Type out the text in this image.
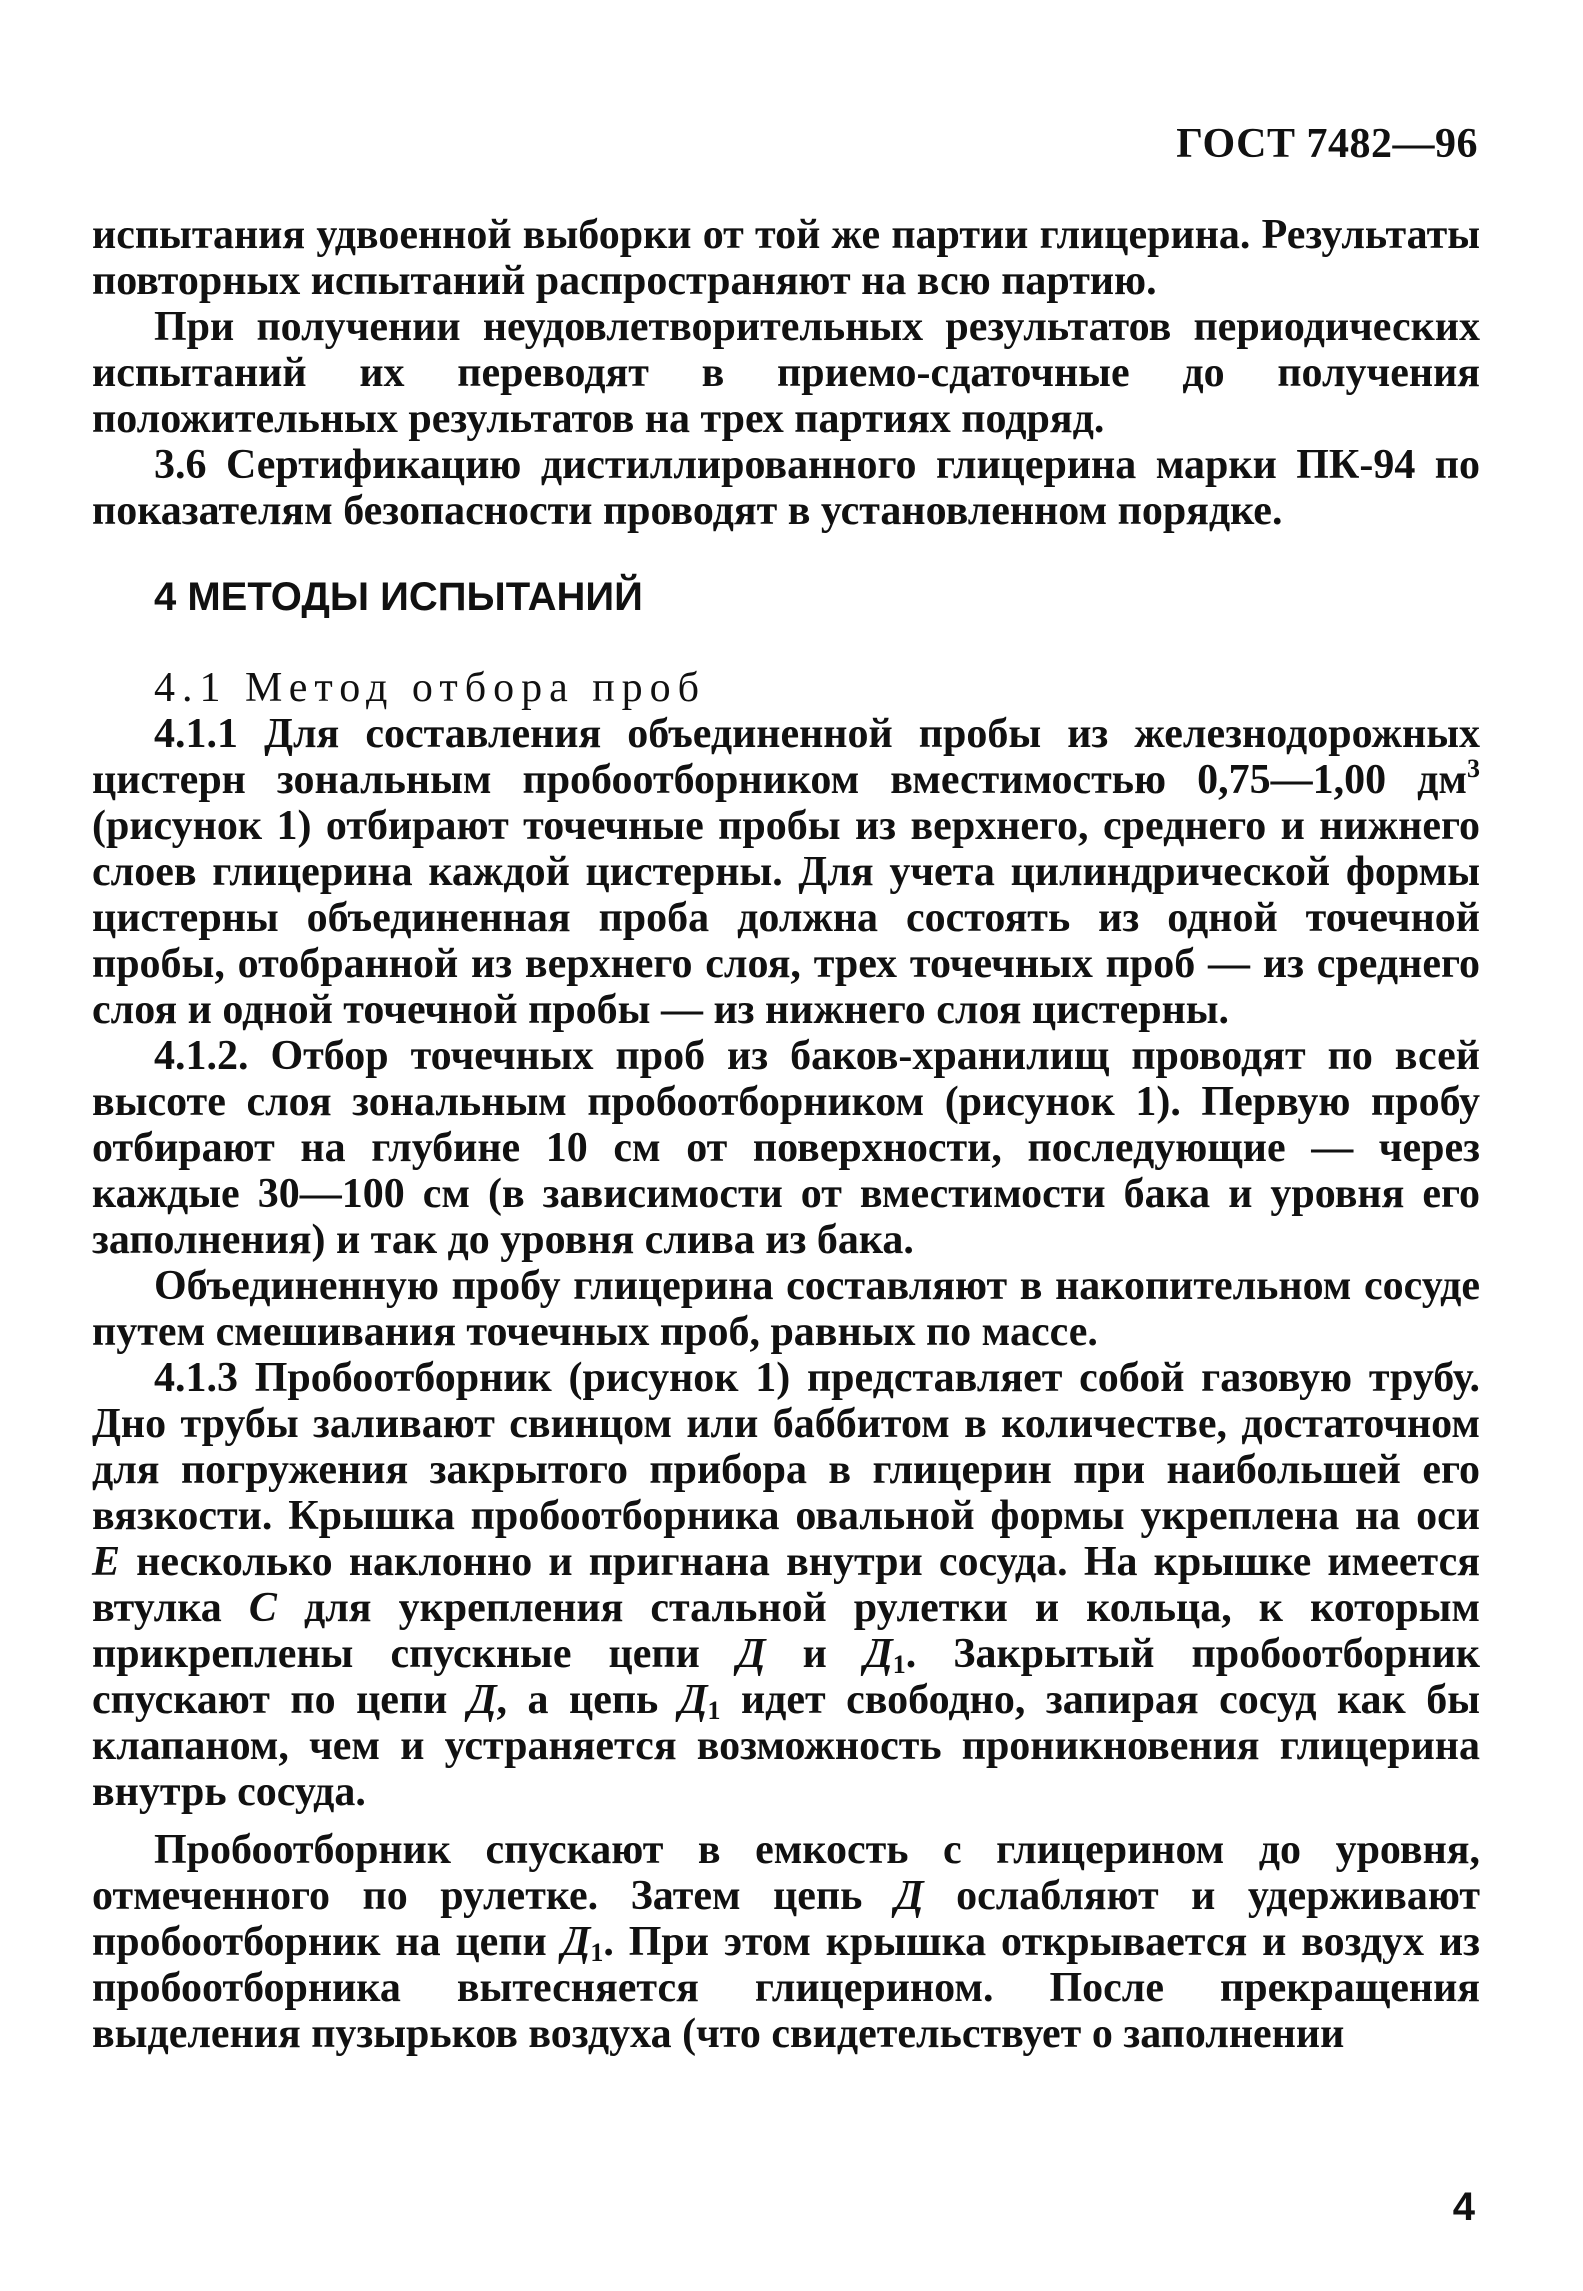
ГОСТ 7482—96

испытания удвоенной выборки от той же партии глицерина. Результаты повторных испытаний распространяют на всю партию.

При получении неудовлетворительных результатов периодических испытаний их переводят в приемо-сдаточные до получения положительных результатов на трех партиях подряд.

3.6 Сертификацию дистиллированного глицерина марки ПК-94 по показателям безопасности проводят в установленном порядке.

4 МЕТОДЫ ИСПЫТАНИЙ
4.1 Метод отбора проб

4.1.1 Для составления объединенной пробы из железнодорожных цистерн зональным пробоотборником вместимостью 0,75—1,00 $дм^3$ (рисунок 1) отбирают точечные пробы из верхнего, среднего и нижнего слоев глицерина каждой цистерны. Для учета цилиндрической формы цистерны объединенная проба должна состоять из одной точечной пробы, отобранной из верхнего слоя, трех точечных проб — из среднего слоя и одной точечной пробы — из нижнего слоя цистерны.

4.1.2. Отбор точечных проб из баков-хранилищ проводят по всей высоте слоя зональным пробоотборником (рисунок 1). Первую пробу отбирают на глубине 10 см от поверхности, последующие — через каждые 30—100 см (в зависимости от вместимости бака и уровня его заполнения) и так до уровня слива из бака.

Объединенную пробу глицерина составляют в накопительном сосуде путем смешивания точечных проб, равных по массе.

4.1.3 Пробоотборник (рисунок 1) представляет собой газовую трубу. Дно трубы заливают свинцом или баббитом в количестве, достаточном для погружения закрытого прибора в глицерин при наибольшей его вязкости. Крышка пробоотборника овальной формы укреплена на оси Е несколько наклонно и пригнана внутри сосуда. На крышке имеется втулка С для укрепления стальной рулетки и кольца, к которым прикреплены спускные цепи Д и $Д_1$. Закрытый пробоотборник спускают по цепи Д, а цепь $Д_1$ идет свободно, запирая сосуд как бы клапаном, чем и устраняется возможность проникновения глицерина внутрь сосуда.

Пробоотборник спускают в емкость с глицерином до уровня, отмеченного по рулетке. Затем цепь Д ослабляют и удерживают пробоотборник на цепи $Д_1$. При этом крышка открывается и воздух из пробоотборника вытесняется глицерином. После прекращения выделения пузырьков воздуха (что свидетельствует о заполнении

4
